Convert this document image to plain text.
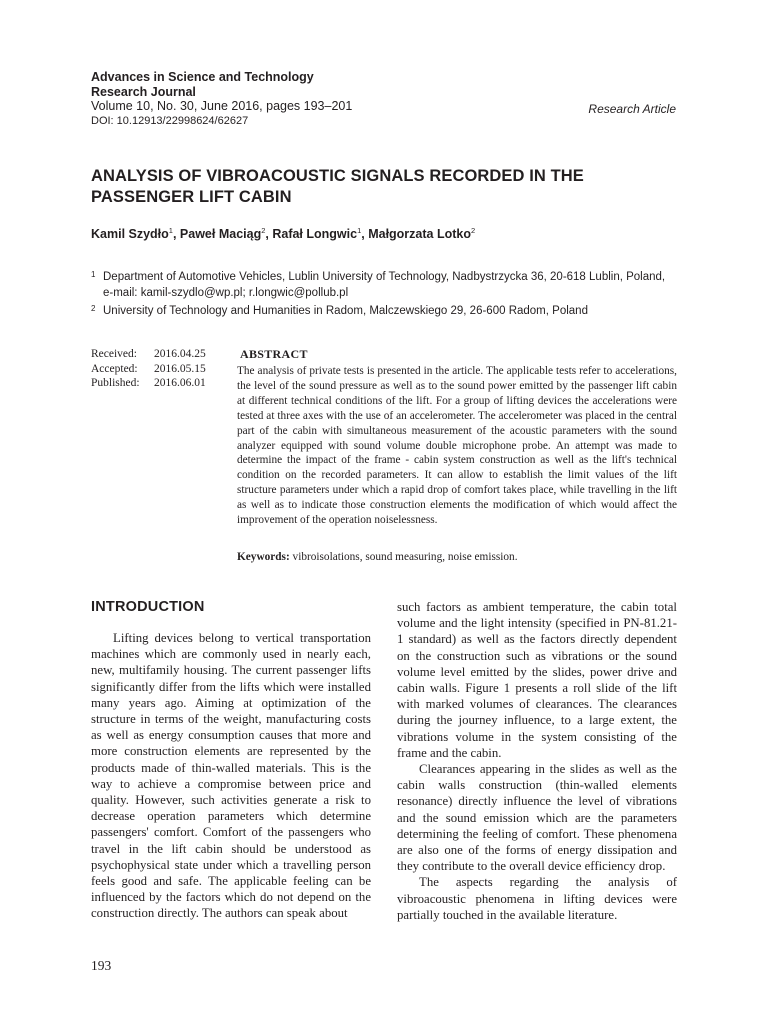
Advances in Science and Technology
Research Journal
Volume 10, No. 30, June 2016, pages 193–201
DOI: 10.12913/22998624/62627
Research Article
ANALYSIS OF VIBROACOUSTIC SIGNALS RECORDED IN THE PASSENGER LIFT CABIN
Kamil Szydło$^1$, Paweł Maciąg$^2$, Rafał Longwic$^1$, Małgorzata Lotko$^2$
1 Department of Automotive Vehicles, Lublin University of Technology, Nadbystrzycka 36, 20-618 Lublin, Poland, e-mail: kamil-szydlo@wp.pl; r.longwic@pollub.pl
2 University of Technology and Humanities in Radom, Malczewskiego 29, 26-600 Radom, Poland
Received:	2016.04.25
Accepted:	2016.05.15
Published:	2016.06.01
ABSTRACT
The analysis of private tests is presented in the article. The applicable tests refer to accelerations, the level of the sound pressure as well as to the sound power emitted by the passenger lift cabin at different technical conditions of the lift. For a group of lifting devices the accelerations were tested at three axes with the use of an accelerometer. The accelerometer was placed in the central part of the cabin with simultaneous measurement of the acoustic parameters with the sound analyzer equipped with sound volume double microphone probe. An attempt was made to determine the impact of the frame - cabin system construction as well as the lift's technical condition on the recorded parameters. It can allow to establish the limit values of the lift structure parameters under which a rapid drop of comfort takes place, while travelling in the lift as well as to indicate those construction elements the modification of which would affect the improvement of the operation noiselessness.
Keywords: vibroisolations, sound measuring, noise emission.
INTRODUCTION

Lifting devices belong to vertical transportation machines which are commonly used in nearly each, new, multifamily housing. The current passenger lifts significantly differ from the lifts which were installed many years ago. Aiming at optimization of the structure in terms of the weight, manufacturing costs as well as energy consumption causes that more and more construction elements are represented by the products made of thin-walled materials. This is the way to achieve a compromise between price and quality. However, such activities generate a risk to decrease operation parameters which determine passengers' comfort. Comfort of the passengers who travel in the lift cabin should be understood as psychophysical state under which a travelling person feels good and safe. The applicable feeling can be influenced by the factors which do not depend on the construction directly. The authors can speak about

such factors as ambient temperature, the cabin total volume and the light intensity (specified in PN-81.21-1 standard) as well as the factors directly dependent on the construction such as vibrations or the sound volume level emitted by the slides, power drive and cabin walls. Figure 1 presents a roll slide of the lift with marked volumes of clearances. The clearances during the journey influence, to a large extent, the vibrations volume in the system consisting of the frame and the cabin.

Clearances appearing in the slides as well as the cabin walls construction (thin-walled elements resonance) directly influence the level of vibrations and the sound emission which are the parameters determining the feeling of comfort. These phenomena are also one of the forms of energy dissipation and they contribute to the overall device efficiency drop.

The aspects regarding the analysis of vibroacoustic phenomena in lifting devices were partially touched in the available literature.

193
